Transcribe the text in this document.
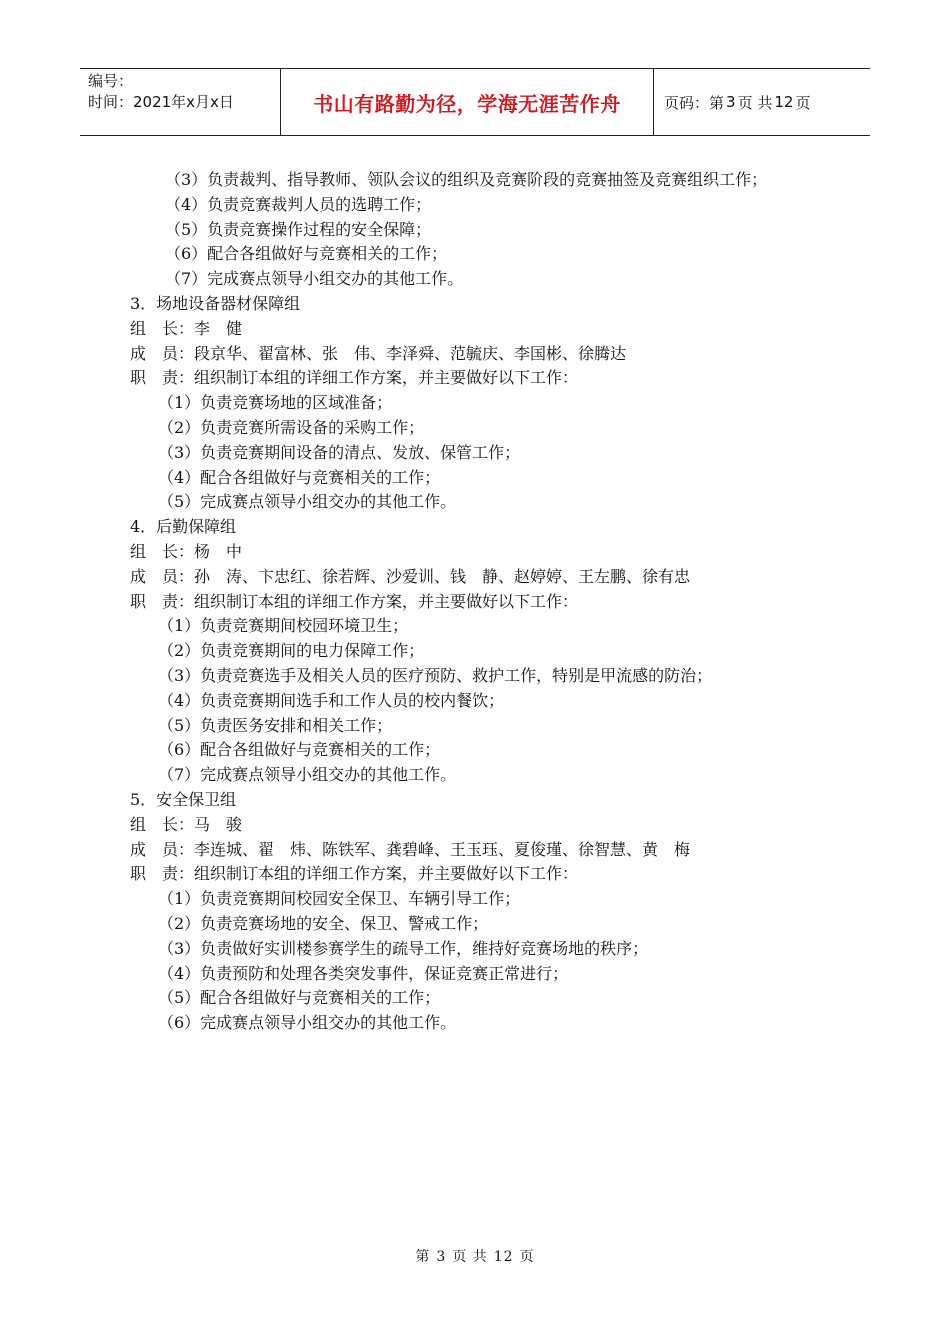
编号：
时间：2021年x月x日	书山有路勤为径，学海无涯苦作舟	页码：第 3 页 共 12 页
（3）负责裁判、指导教师、领队会议的组织及竞赛阶段的竞赛抽签及竞赛组织工作；
（4）负责竞赛裁判人员的选聘工作；
（5）负责竞赛操作过程的安全保障；
（6）配合各组做好与竞赛相关的工作；
（7）完成赛点领导小组交办的其他工作。
3．场地设备器材保障组
组　长：李　健
成　员：段京华、翟富林、张　伟、李泽舜、范毓庆、李国彬、徐腾达
职　责：组织制订本组的详细工作方案，并主要做好以下工作：
（1）负责竞赛场地的区域准备；
（2）负责竞赛所需设备的采购工作；
（3）负责竞赛期间设备的清点、发放、保管工作；
（4）配合各组做好与竞赛相关的工作；
（5）完成赛点领导小组交办的其他工作。
4．后勤保障组
组　长：杨　中
成　员：孙　涛、卞忠红、徐若辉、沙爱训、钱　静、赵婷婷、王左鹏、徐有忠
职　责：组织制订本组的详细工作方案，并主要做好以下工作：
（1）负责竞赛期间校园环境卫生；
（2）负责竞赛期间的电力保障工作；
（3）负责竞赛选手及相关人员的医疗预防、救护工作，特别是甲流感的防治；
（4）负责竞赛期间选手和工作人员的校内餐饮；
（5）负责医务安排和相关工作；
（6）配合各组做好与竞赛相关的工作；
（7）完成赛点领导小组交办的其他工作。
5．安全保卫组
组　长：马　骏
成　员：李连城、翟　炜、陈铁军、龚碧峰、王玉珏、夏俊瑾、徐智慧、黄　梅
职　责：组织制订本组的详细工作方案，并主要做好以下工作：
（1）负责竞赛期间校园安全保卫、车辆引导工作；
（2）负责竞赛场地的安全、保卫、警戒工作；
（3）负责做好实训楼参赛学生的疏导工作，维持好竞赛场地的秩序；
（4）负责预防和处理各类突发事件，保证竞赛正常进行；
（5）配合各组做好与竞赛相关的工作；
（6）完成赛点领导小组交办的其他工作。
第 3 页 共 12 页
